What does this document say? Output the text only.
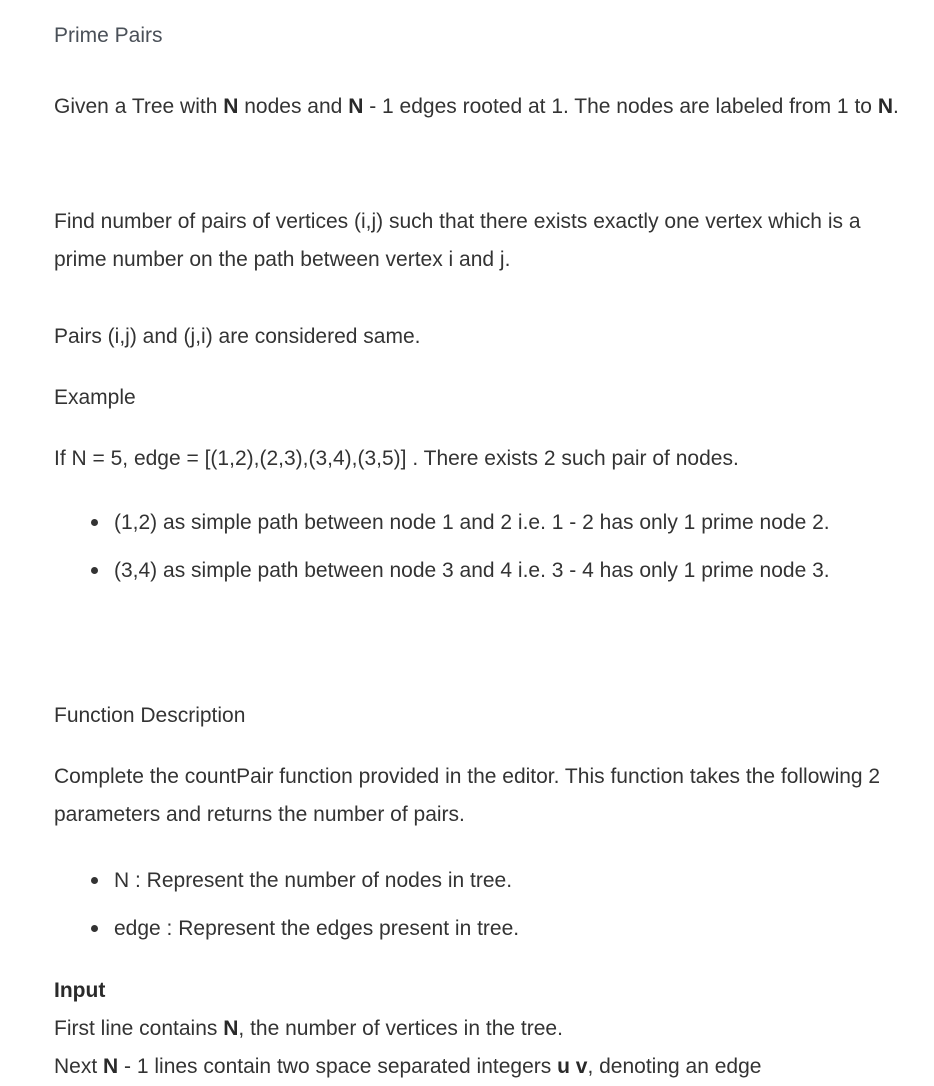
Prime Pairs

Given a Tree with N nodes and N - 1 edges rooted at 1. The nodes are labeled from 1 to N.

Find number of pairs of vertices (i,j) such that there exists exactly one vertex which is a prime number on the path between vertex i and j.

Pairs (i,j) and (j,i) are considered same.

Example

If N = 5, edge = [(1,2),(2,3),(3,4),(3,5)] . There exists 2 such pair of nodes.

(1,2) as simple path between node 1 and 2 i.e. 1 - 2 has only 1 prime node 2.
(3,4) as simple path between node 3 and 4 i.e. 3 - 4 has only 1 prime node 3.

Function Description

Complete the countPair function provided in the editor. This function takes the following 2 parameters and returns the number of pairs.

N : Represent the number of nodes in tree.
edge : Represent the edges present in tree.

Input

First line contains N, the number of vertices in the tree.

Next N - 1 lines contain two space separated integers u v, denoting an edge
